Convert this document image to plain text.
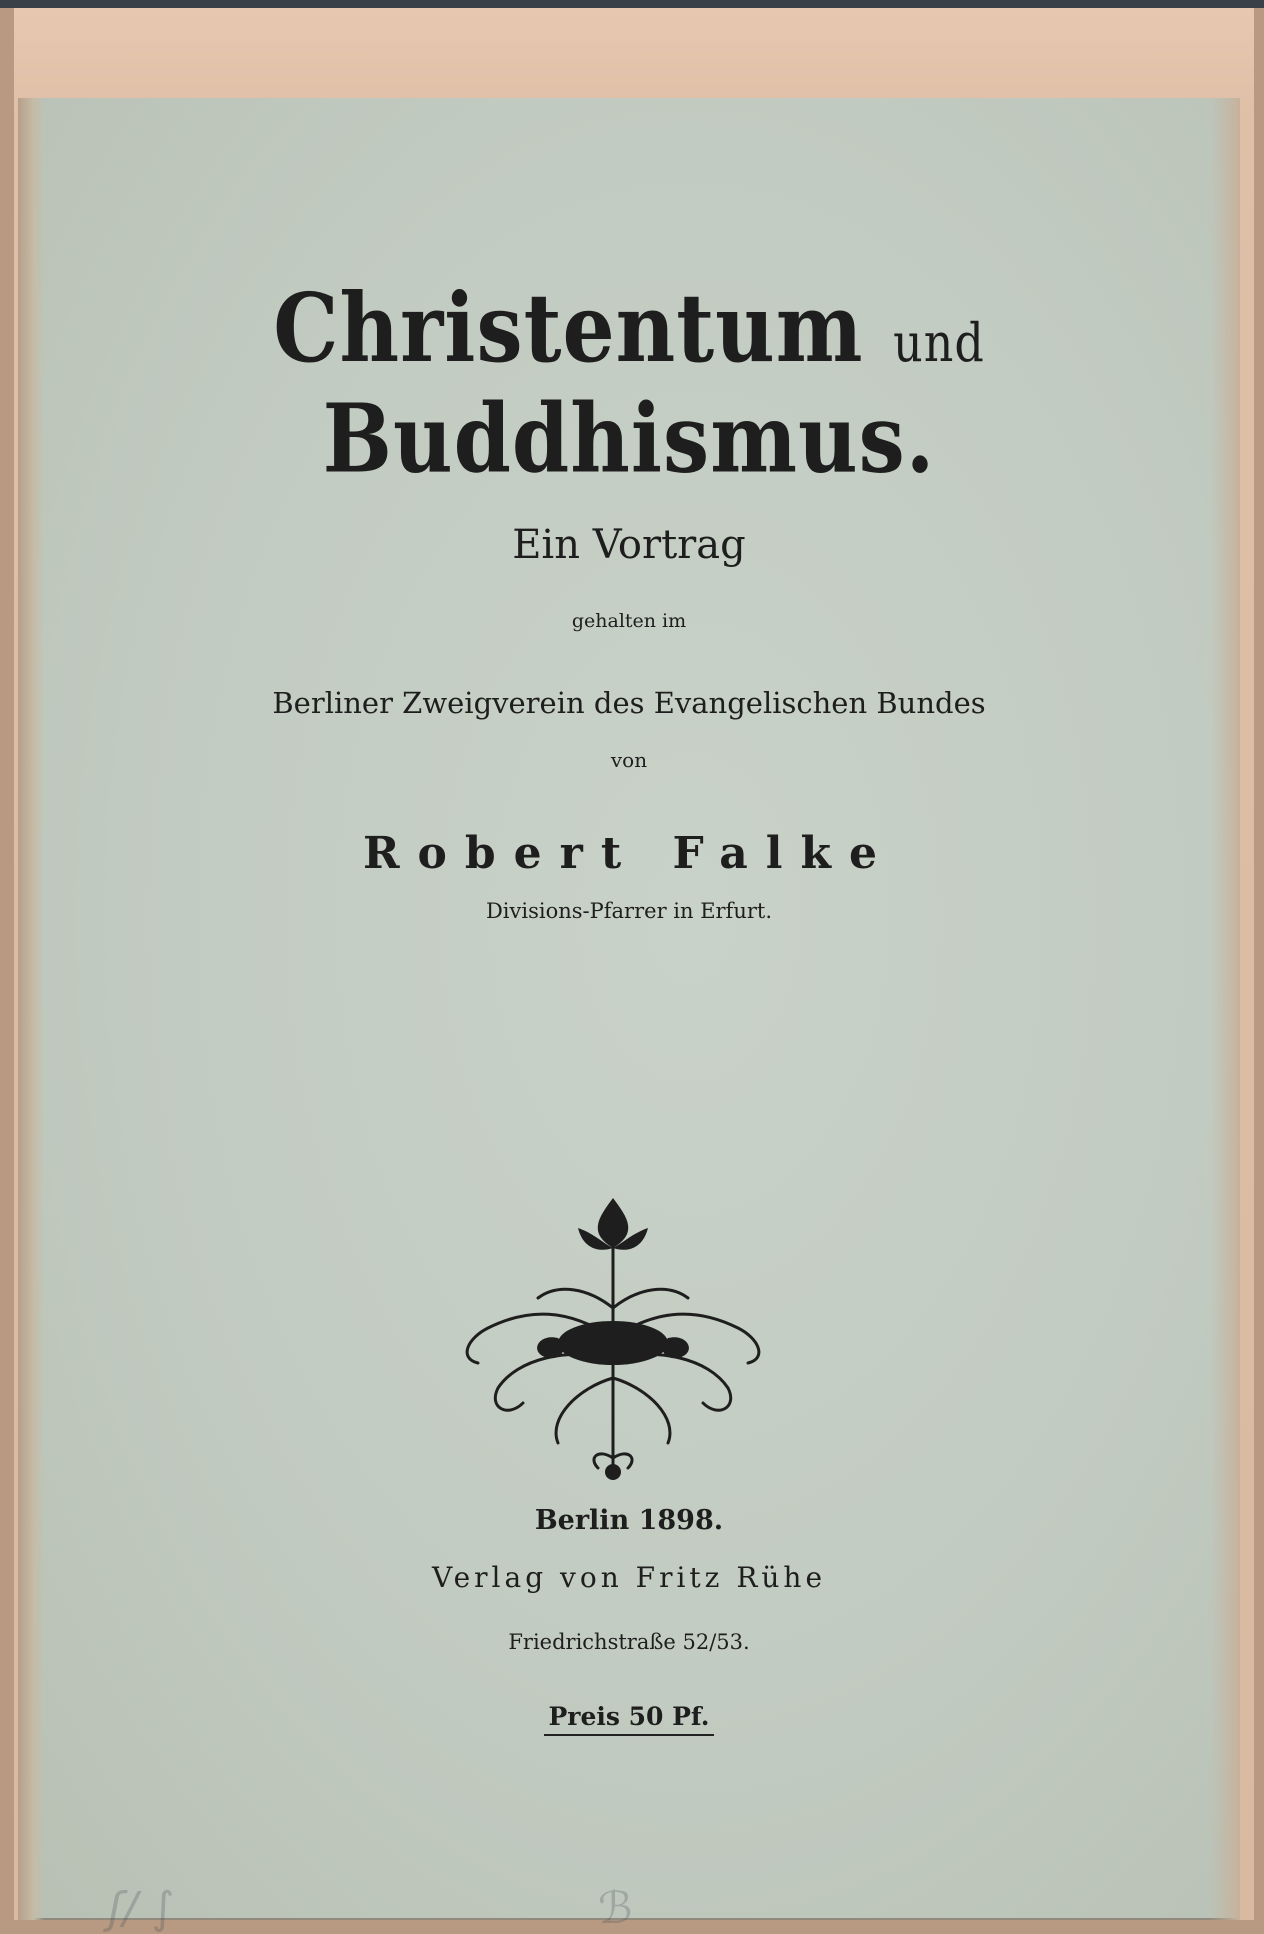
Christentum und Buddhismus.
Ein Vortrag
gehalten im
Berliner Zweigverein des Evangelischen Bundes
von
Robert Falke
Divisions-Pfarrer in Erfurt.
Berlin 1898.
Verlag von Fritz Rühe
Friedrichstraße 52/53.
Preis 50 Pf.
ʃ/ ∫	ℬ
